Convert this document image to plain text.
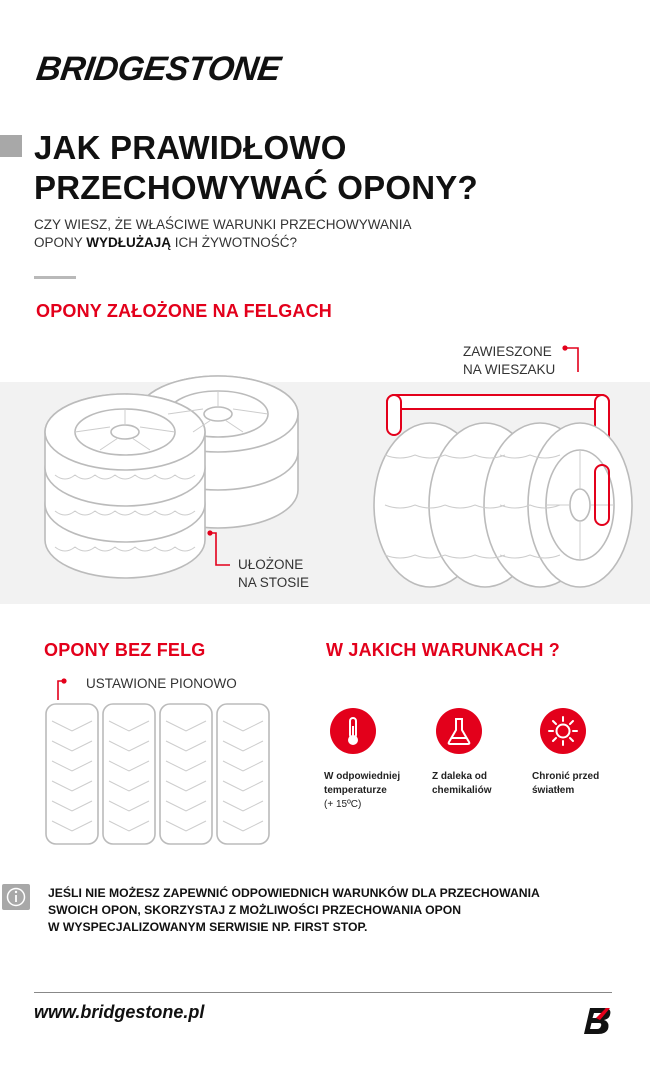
BRIDGESTONE
JAK PRAWIDŁOWO
PRZECHOWYWAĆ OPONY?
CZY WIESZ, ŻE WŁAŚCIWE WARUNKI PRZECHOWYWANIA
OPONY WYDŁUŻAJĄ ICH ŻYWOTNOŚĆ?
OPONY ZAŁOŻONE NA FELGACH
UŁOŻONE
NA STOSIE
ZAWIESZONE
NA WIESZAKU
OPONY BEZ FELG
USTAWIONE PIONOWO
W JAKICH WARUNKACH ?
W odpowiedniej
temperaturze
(+ 15ºC)
Z daleka od
chemikaliów
Chronić przed
światłem
JEŚLI NIE MOŻESZ ZAPEWNIĆ ODPOWIEDNICH WARUNKÓW DLA PRZECHOWANIA
SWOICH OPON, SKORZYSTAJ Z MOŻLIWOŚCI PRZECHOWANIA OPON
W WYSPECJALIZOWANYM SERWISIE NP. FIRST STOP.
www.bridgestone.pl
